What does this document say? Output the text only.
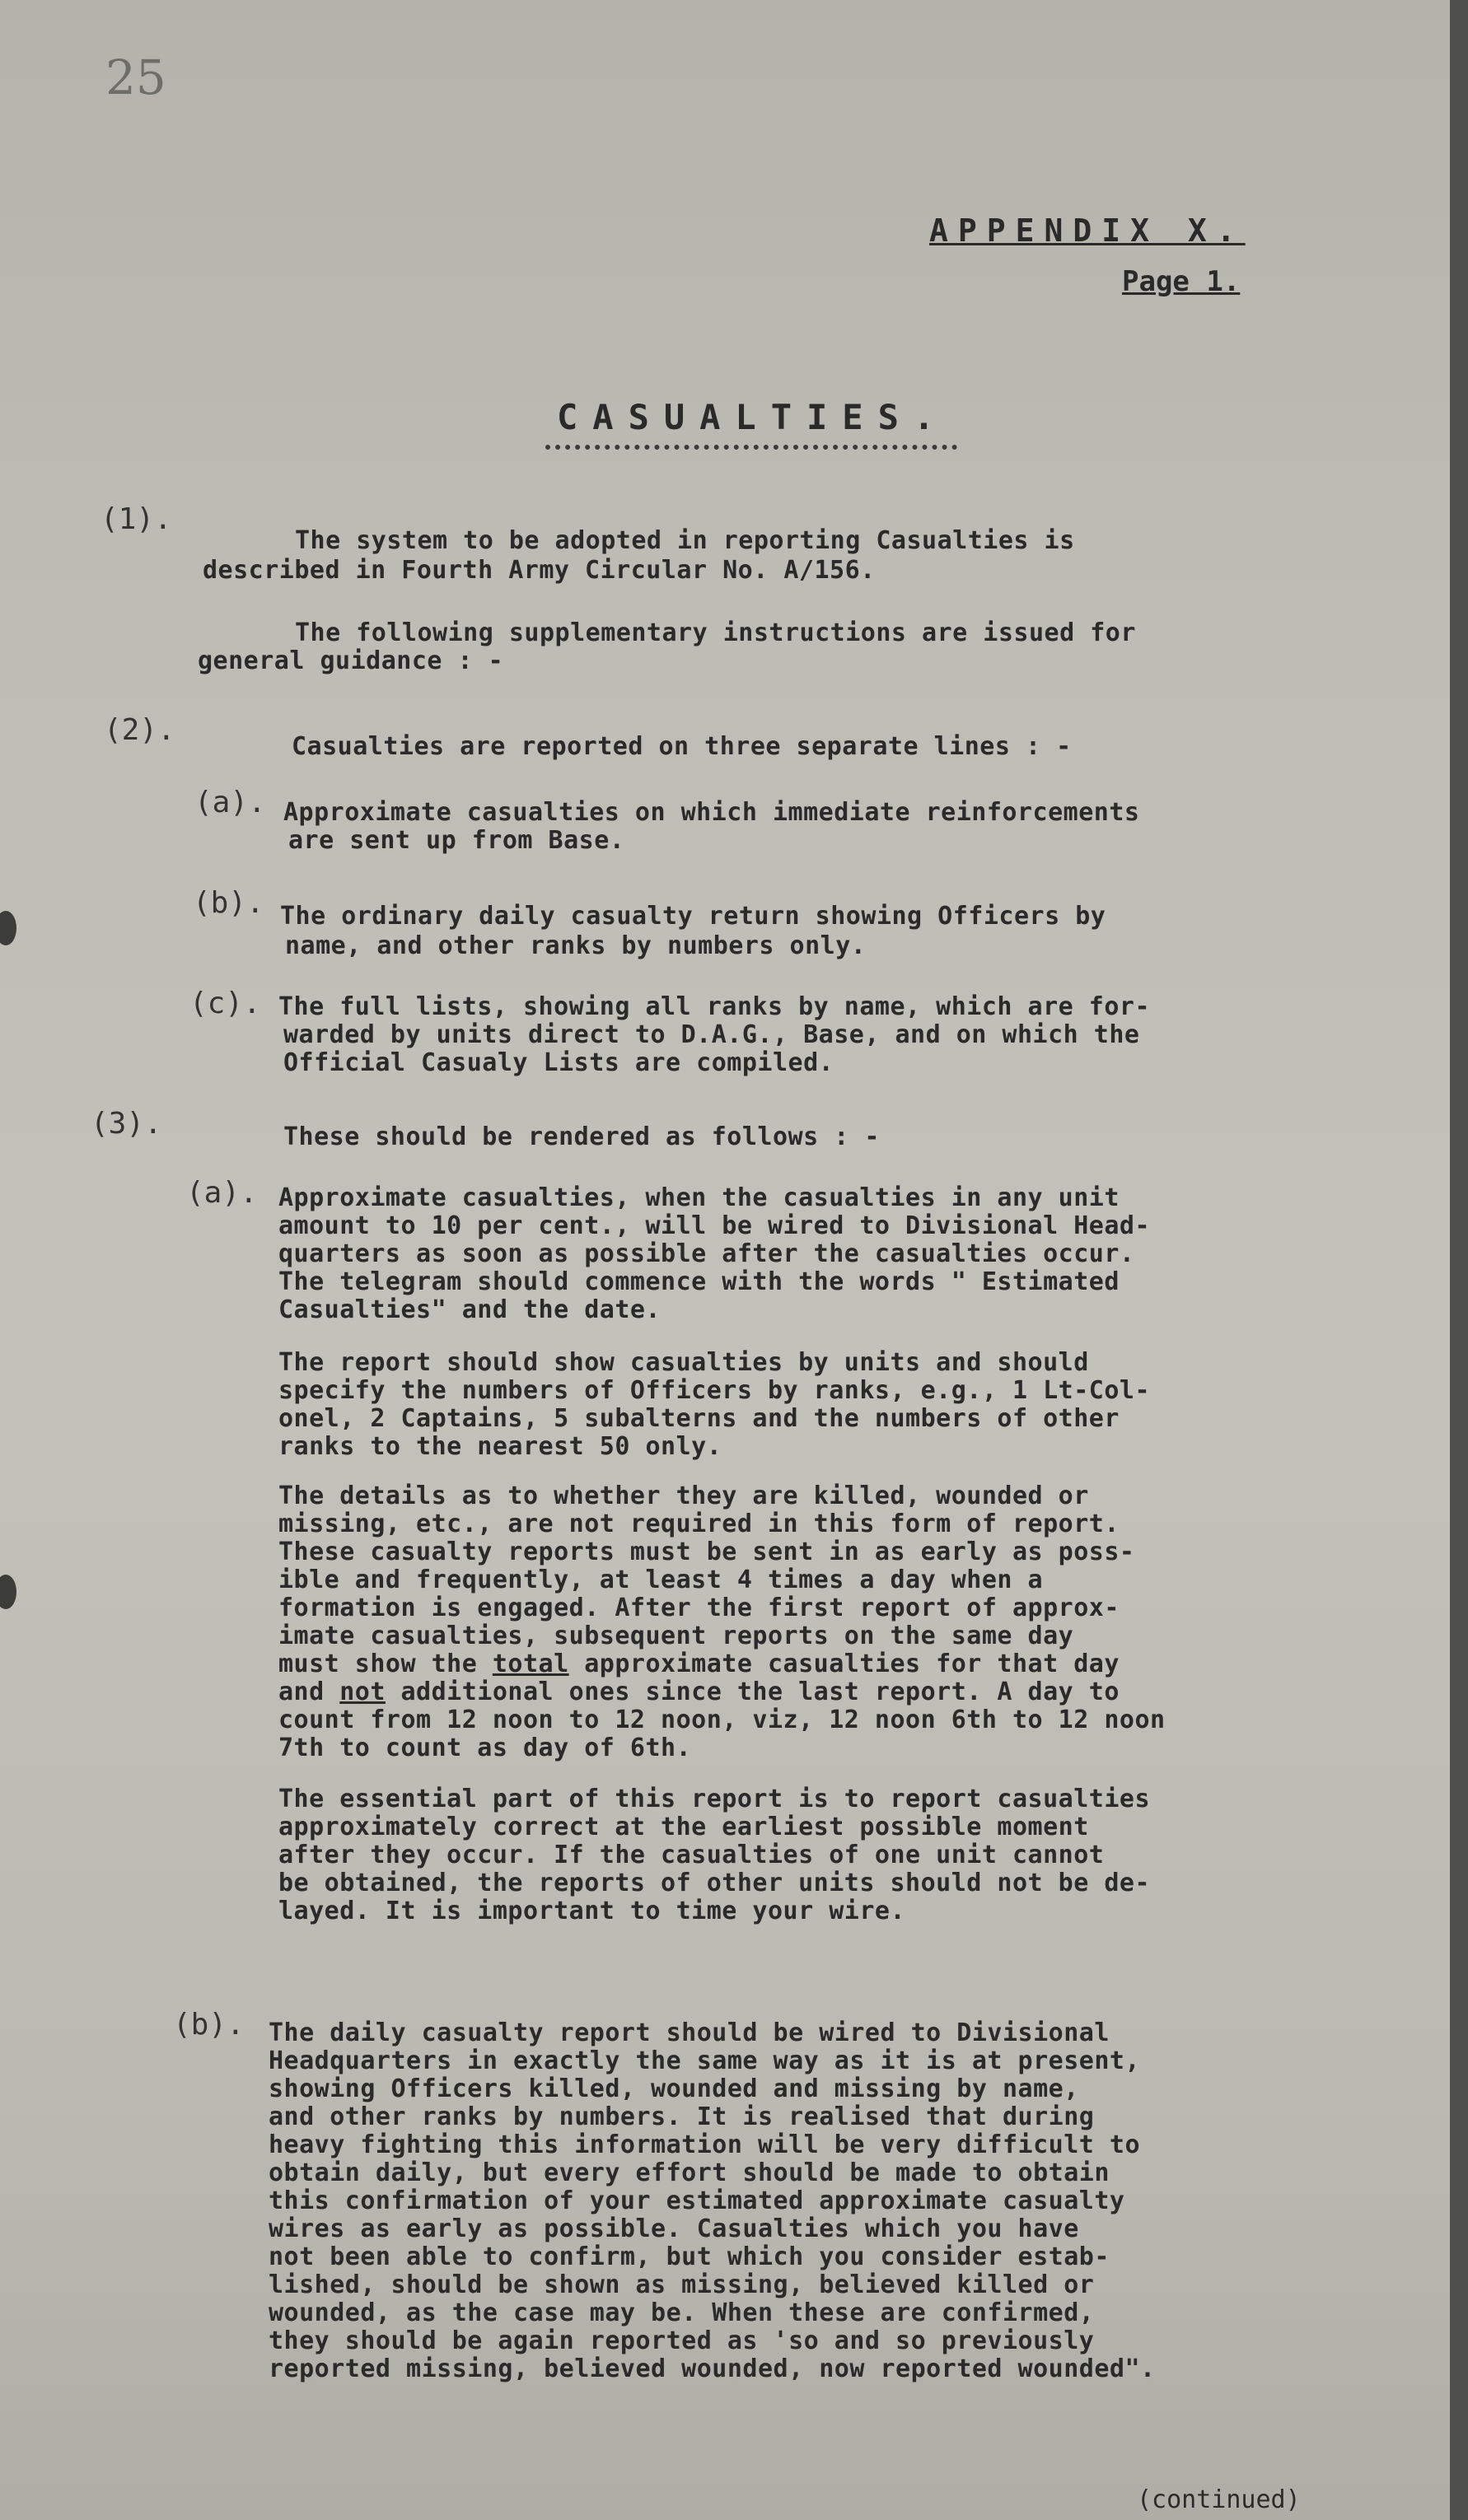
25
APPENDIX X.
Page 1.
CASUALTIES.
(1).
The system to be adopted in reporting Casualties is
described in Fourth Army Circular No. A/156.
The following supplementary instructions are issued for
general guidance : -
(2).	Casualties are reported on three separate lines : -
(a). Approximate casualties on which immediate reinforcements
are sent up from Base.
(b). The ordinary daily casualty return showing Officers by
name, and other ranks by numbers only.
(c). The full lists, showing all ranks by name, which are for-
warded by units direct to D.A.G., Base, and on which the
Official Casualy Lists are compiled.
(3).	These should be rendered as follows : -
(a). Approximate casualties, when the casualties in any unit
amount to 10 per cent., will be wired to Divisional Head-
quarters as soon as possible after the casualties occur.
The telegram should commence with the words " Estimated
Casualties" and the date.
The report should show casualties by units and should
specify the numbers of Officers by ranks, e.g., 1 Lt-Col-
onel, 2 Captains, 5 subalterns and the numbers of other
ranks to the nearest 50 only.
The details as to whether they are killed, wounded or
missing, etc., are not required in this form of report.
These casualty reports must be sent in as early as poss-
ible and frequently, at least 4 times a day when a
formation is engaged. After the first report of approx-
imate casualties, subsequent reports on the same day
must show the total approximate casualties for that day
and not additional ones since the last report. A day to
count from 12 noon to 12 noon, viz, 12 noon 6th to 12 noon
7th to count as day of 6th.
The essential part of this report is to report casualties
approximately correct at the earliest possible moment
after they occur. If the casualties of one unit cannot
be obtained, the reports of other units should not be de-
layed. It is important to time your wire.
(b). The daily casualty report should be wired to Divisional
Headquarters in exactly the same way as it is at present,
showing Officers killed, wounded and missing by name,
and other ranks by numbers. It is realised that during
heavy fighting this information will be very difficult to
obtain daily, but every effort should be made to obtain
this confirmation of your estimated approximate casualty
wires as early as possible. Casualties which you have
not been able to confirm, but which you consider estab-
lished, should be shown as missing, believed killed or
wounded, as the case may be. When these are confirmed,
they should be again reported as 'so and so previously
reported missing, believed wounded, now reported wounded".
(continued)
